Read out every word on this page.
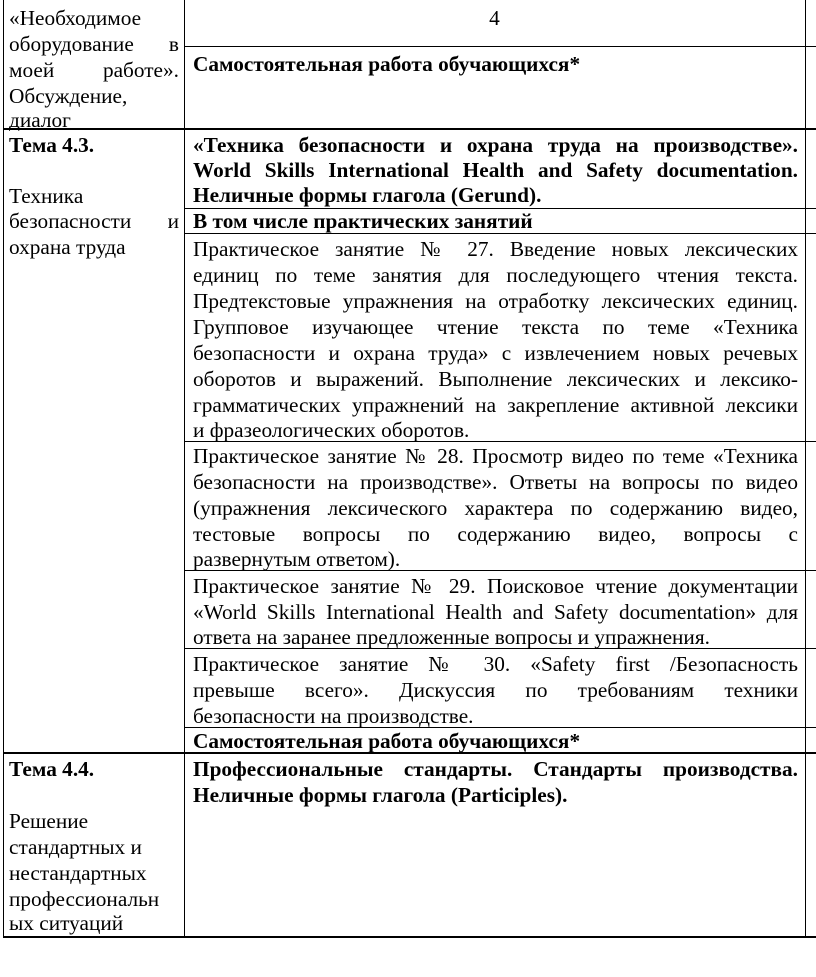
«Необходимое
оборудование в
моей работе».
Обсуждение,
диалог
4
Самостоятельная работа обучающихся*
Тема 4.3.
Техника
безопасности и
охрана труда
«Техника безопасности и охрана труда на производстве».
World Skills International Health and Safety documentation.
Неличные формы глагола (Gerund).
В том числе практических занятий
Практическое занятие № 27. Введение новых лексических
единиц по теме занятия для последующего чтения текста.
Предтекстовые упражнения на отработку лексических единиц.
Групповое изучающее чтение текста по теме «Техника
безопасности и охрана труда» с извлечением новых речевых
оборотов и выражений. Выполнение лексических и лексико-
грамматических упражнений на закрепление активной лексики
и фразеологических оборотов.
Практическое занятие № 28. Просмотр видео по теме «Техника
безопасности на производстве». Ответы на вопросы по видео
(упражнения лексического характера по содержанию видео,
тестовые вопросы по содержанию видео, вопросы с
развернутым ответом).
Практическое занятие № 29. Поисковое чтение документации
«World Skills International Health and Safety documentation» для
ответа на заранее предложенные вопросы и упражнения.
Практическое занятие № 30. «Safety first /Безопасность
превыше всего». Дискуссия по требованиям техники
безопасности на производстве.
Самостоятельная работа обучающихся*
Тема 4.4.
Решение
стандартных и
нестандартных
профессиональн
ых ситуаций
Профессиональные стандарты. Стандарты производства.
Неличные формы глагола (Participles).
